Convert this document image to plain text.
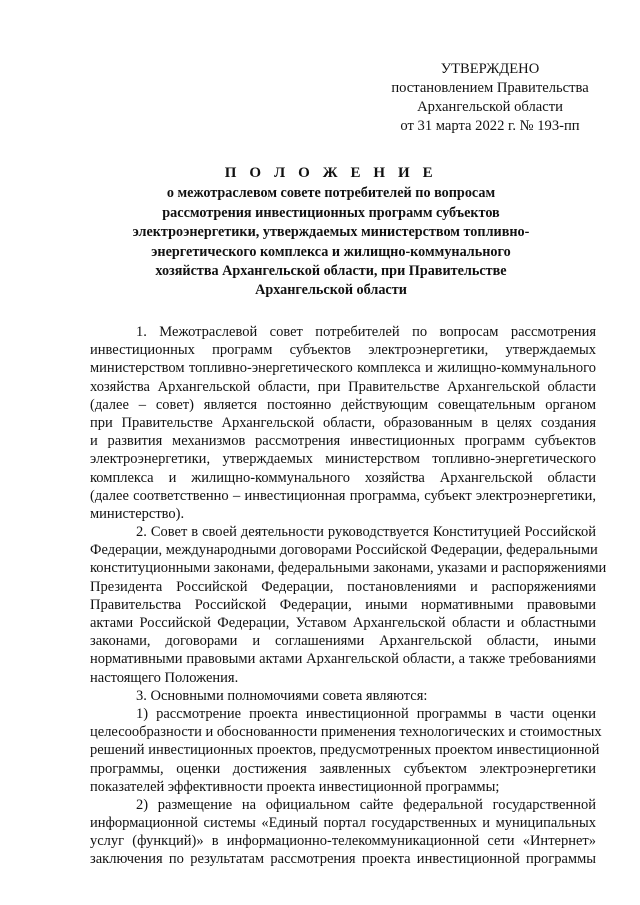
УТВЕРЖДЕНО
постановлением Правительства
Архангельской области
от 31 марта 2022 г. № 193-пп
П О Л О Ж Е Н И Е
о межотраслевом совете потребителей по вопросам
рассмотрения инвестиционных программ субъектов
электроэнергетики, утверждаемых министерством топливно-
энергетического комплекса и жилищно-коммунального
хозяйства Архангельской области, при Правительстве
Архангельской области
1. Межотраслевой совет потребителей по вопросам рассмотрения
инвестиционных программ субъектов электроэнергетики, утверждаемых
министерством топливно-энергетического комплекса и жилищно-коммунального
хозяйства Архангельской области, при Правительстве Архангельской области
(далее – совет) является постоянно действующим совещательным органом
при Правительстве Архангельской области, образованным в целях создания
и развития механизмов рассмотрения инвестиционных программ субъектов
электроэнергетики, утверждаемых министерством топливно-энергетического
комплекса и жилищно-коммунального хозяйства Архангельской области
(далее соответственно – инвестиционная программа, субъект электроэнергетики,
министерство).
2. Совет в своей деятельности руководствуется Конституцией Российской
Федерации, международными договорами Российской Федерации, федеральными
конституционными законами, федеральными законами, указами и распоряжениями
Президента Российской Федерации, постановлениями и распоряжениями
Правительства Российской Федерации, иными нормативными правовыми
актами Российской Федерации, Уставом Архангельской области и областными
законами, договорами и соглашениями Архангельской области, иными
нормативными правовыми актами Архангельской области, а также требованиями
настоящего Положения.
3. Основными полномочиями совета являются:
1) рассмотрение проекта инвестиционной программы в части оценки
целесообразности и обоснованности применения технологических и стоимостных
решений инвестиционных проектов, предусмотренных проектом инвестиционной
программы, оценки достижения заявленных субъектом электроэнергетики
показателей эффективности проекта инвестиционной программы;
2) размещение на официальном сайте федеральной государственной
информационной системы «Единый портал государственных и муниципальных
услуг (функций)» в информационно-телекоммуникационной сети «Интернет»
заключения по результатам рассмотрения проекта инвестиционной программы
